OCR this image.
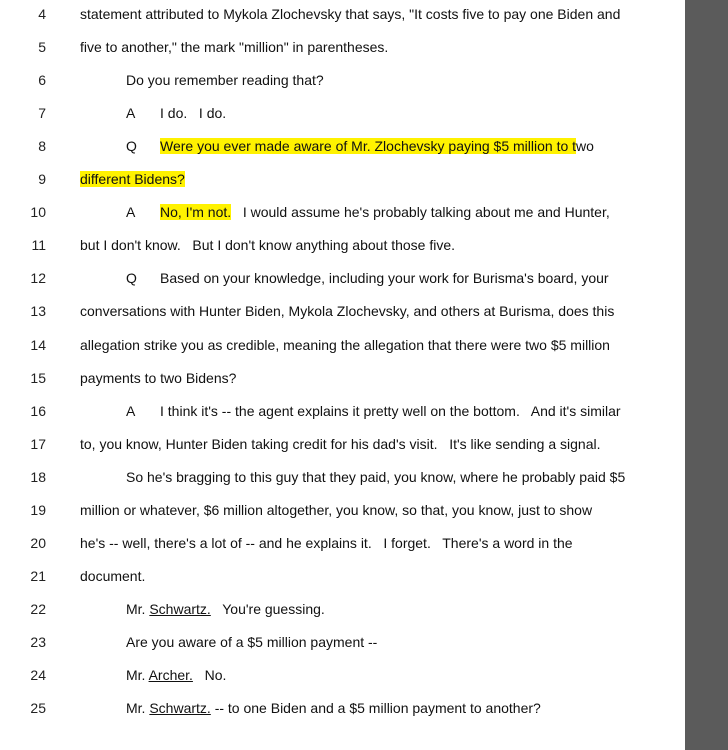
4 statement attributed to Mykola Zlochevsky that says, "It costs five to pay one Biden and
5 five to another," the mark "million" in parentheses.
6	Do you remember reading that?
7	A I do.   I do.
8	Q Were you ever made aware of Mr. Zlochevsky paying $5 million to two
9 different Bidens?
10	A No, I'm not.   I would assume he's probably talking about me and Hunter,
11 but I don't know.   But I don't know anything about those five.
12	Q Based on your knowledge, including your work for Burisma's board, your
13 conversations with Hunter Biden, Mykola Zlochevsky, and others at Burisma, does this
14 allegation strike you as credible, meaning the allegation that there were two $5 million
15 payments to two Bidens?
16	A I think it's -- the agent explains it pretty well on the bottom.   And it's similar
17 to, you know, Hunter Biden taking credit for his dad's visit.   It's like sending a signal.
18	So he's bragging to this guy that they paid, you know, where he probably paid $5
19 million or whatever, $6 million altogether, you know, so that, you know, just to show
20 he's -- well, there's a lot of -- and he explains it.   I forget.   There's a word in the
21 document.
22	Mr. Schwartz.   You're guessing.
23	Are you aware of a $5 million payment --
24	Mr. Archer.   No.
25	Mr. Schwartz. -- to one Biden and a $5 million payment to another?
